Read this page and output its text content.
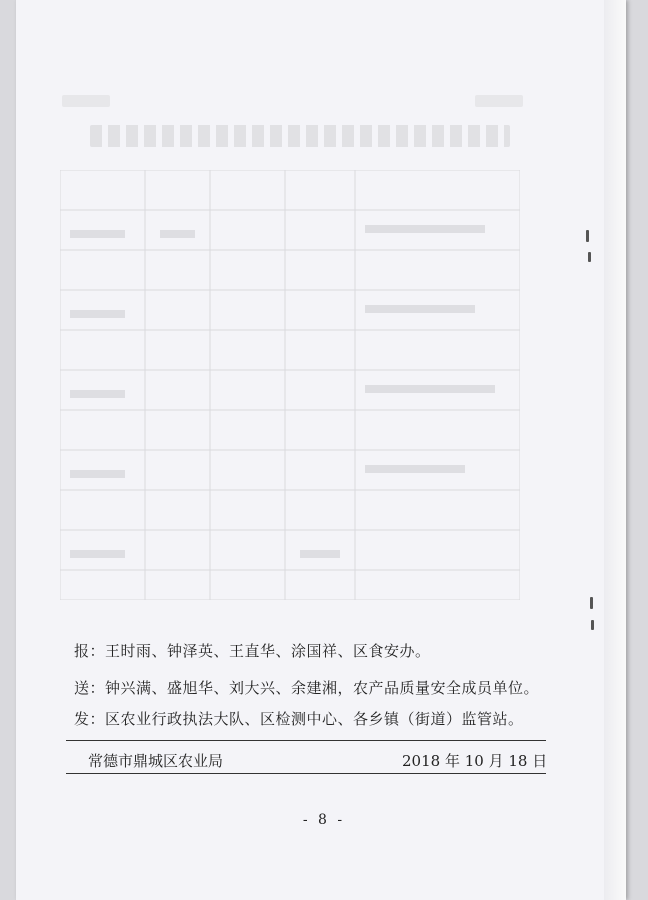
报：王时雨、钟泽英、王直华、涂国祥、区食安办。
送：钟兴满、盛旭华、刘大兴、余建湘，农产品质量安全成员单位。
发：区农业行政执法大队、区检测中心、各乡镇（街道）监管站。
常德市鼎城区农业局	2018 年 10 月 18 日
- 8 -
